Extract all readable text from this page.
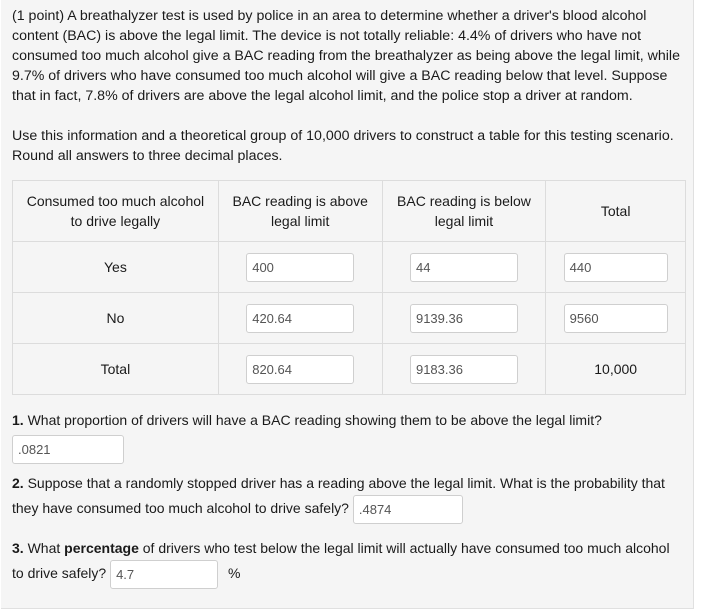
(1 point) A breathalyzer test is used by police in an area to determine whether a driver's blood alcohol content (BAC) is above the legal limit. The device is not totally reliable: 4.4% of drivers who have not consumed too much alcohol give a BAC reading from the breathalyzer as being above the legal limit, while 9.7% of drivers who have consumed too much alcohol will give a BAC reading below that level. Suppose that in fact, 7.8% of drivers are above the legal alcohol limit, and the police stop a driver at random.

Use this information and a theoretical group of 10,000 drivers to construct a table for this testing scenario. Round all answers to three decimal places.

Consumed too much alcohol to drive legally	BAC reading is above legal limit	BAC reading is below legal limit	Total
Yes	400	44	440
No	420.64	9139.36	9560
Total	820.64	9183.36	10,000
1. What proportion of drivers will have a BAC reading showing them to be above the legal limit?
.0821
2. Suppose that a randomly stopped driver has a reading above the legal limit. What is the probability that they have consumed too much alcohol to drive safely? .4874
3. What percentage of drivers who test below the legal limit will actually have consumed too much alcohol to drive safely? 4.7	%
